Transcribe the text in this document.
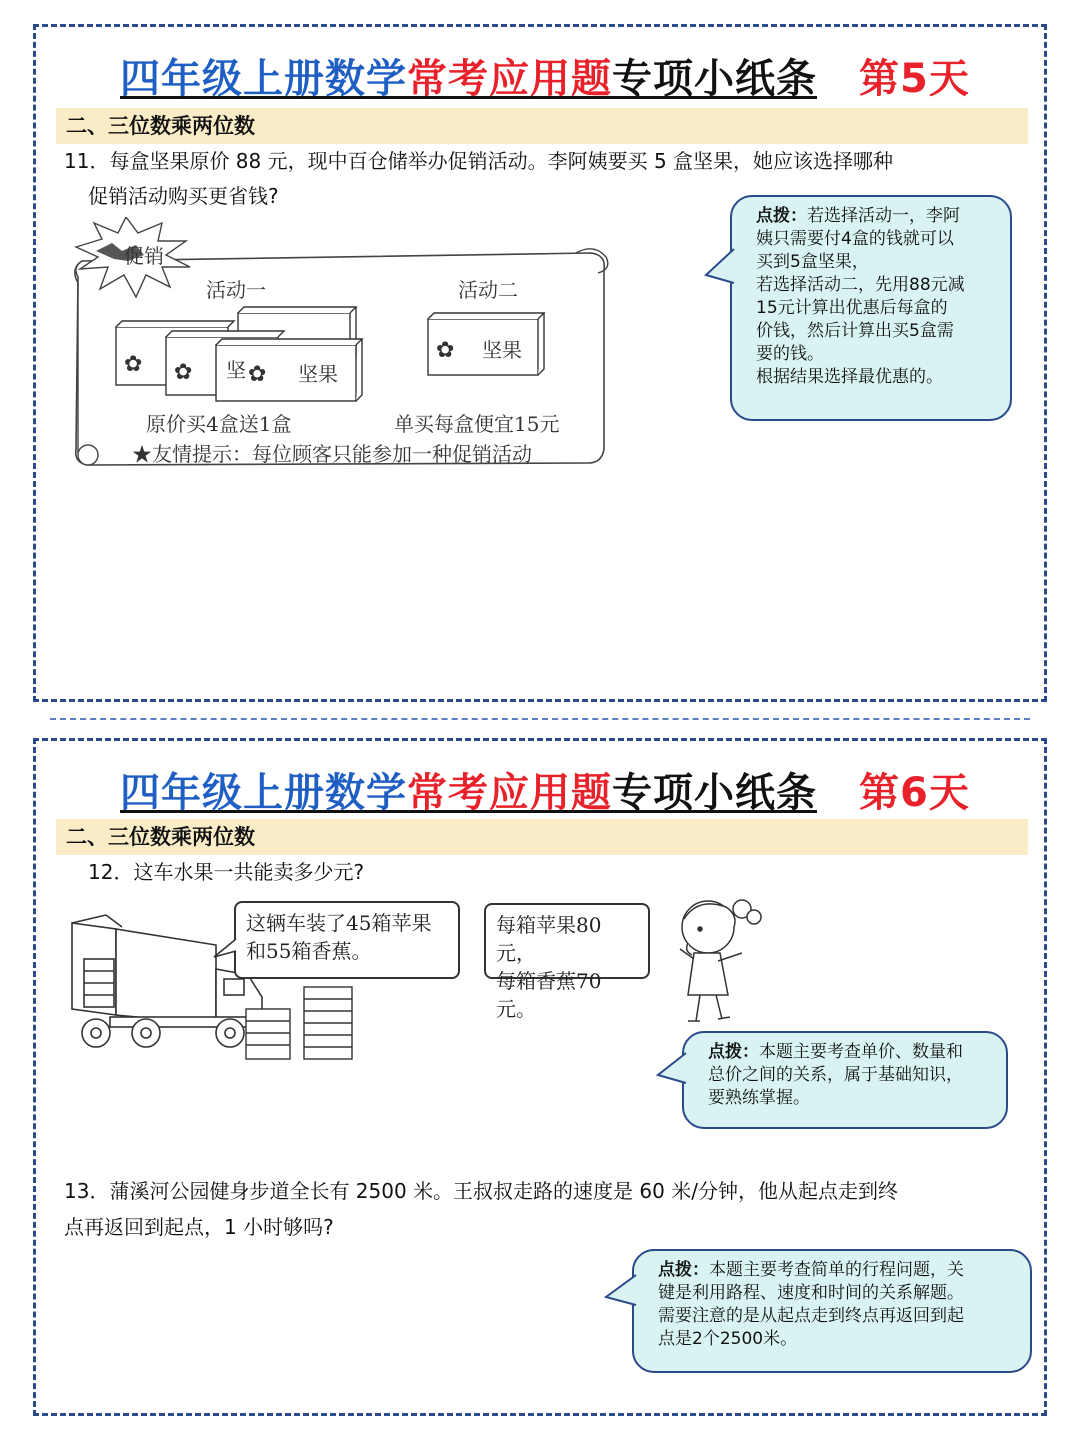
四年级上册数学常考应用题专项小纸条 第5天
二、三位数乘两位数
11．每盒坚果原价 88 元，现中百仓储举办促销活动。李阿姨要买 5 盒坚果，她应该选择哪种
促销活动购买更省钱?
促销
活动一	活动二
✿ ✿ 坚 ✿ 坚果
✿ 坚果
原价买4盒送1盒	单买每盒便宜15元
★友情提示：每位顾客只能参加一种促销活动
点拨：若选择活动一，李阿
姨只需要付4盒的钱就可以
买到5盒坚果，
若选择活动二，先用88元减
15元计算出优惠后每盒的
价钱，然后计算出买5盒需
要的钱。
根据结果选择最优惠的。
四年级上册数学常考应用题专项小纸条 第6天
二、三位数乘两位数
12．这车水果一共能卖多少元?
这辆车装了45箱苹果
和55箱香蕉。
每箱苹果80元，
每箱香蕉70元。
点拨：本题主要考查单价、数量和
总价之间的关系，属于基础知识，
要熟练掌握。
13．蒲溪河公园健身步道全长有 2500 米。王叔叔走路的速度是 60 米/分钟，他从起点走到终
点再返回到起点，1 小时够吗?
点拨：本题主要考查简单的行程问题，关
键是利用路程、速度和时间的关系解题。
需要注意的是从起点走到终点再返回到起
点是2个2500米。
